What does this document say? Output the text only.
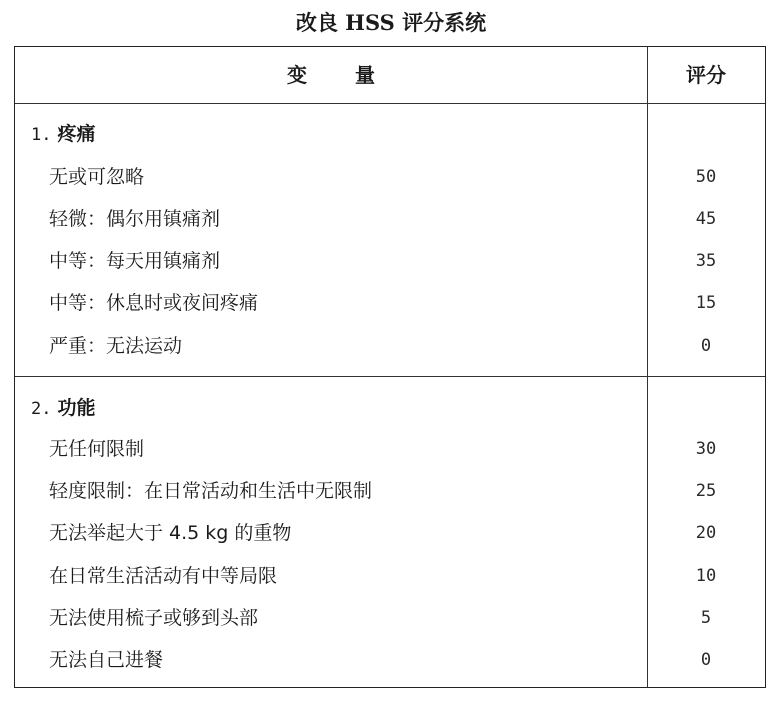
改良 HSS 评分系统
变量	评分
1. 疼痛
无或可忽略	50
轻微：偶尔用镇痛剂	45
中等：每天用镇痛剂	35
中等：休息时或夜间疼痛	15
严重：无法运动	0
2. 功能
无任何限制	30
轻度限制：在日常活动和生活中无限制	25
无法举起大于 4.5 kg 的重物	20
在日常生活活动有中等局限	10
无法使用梳子或够到头部	5
无法自己进餐	0
